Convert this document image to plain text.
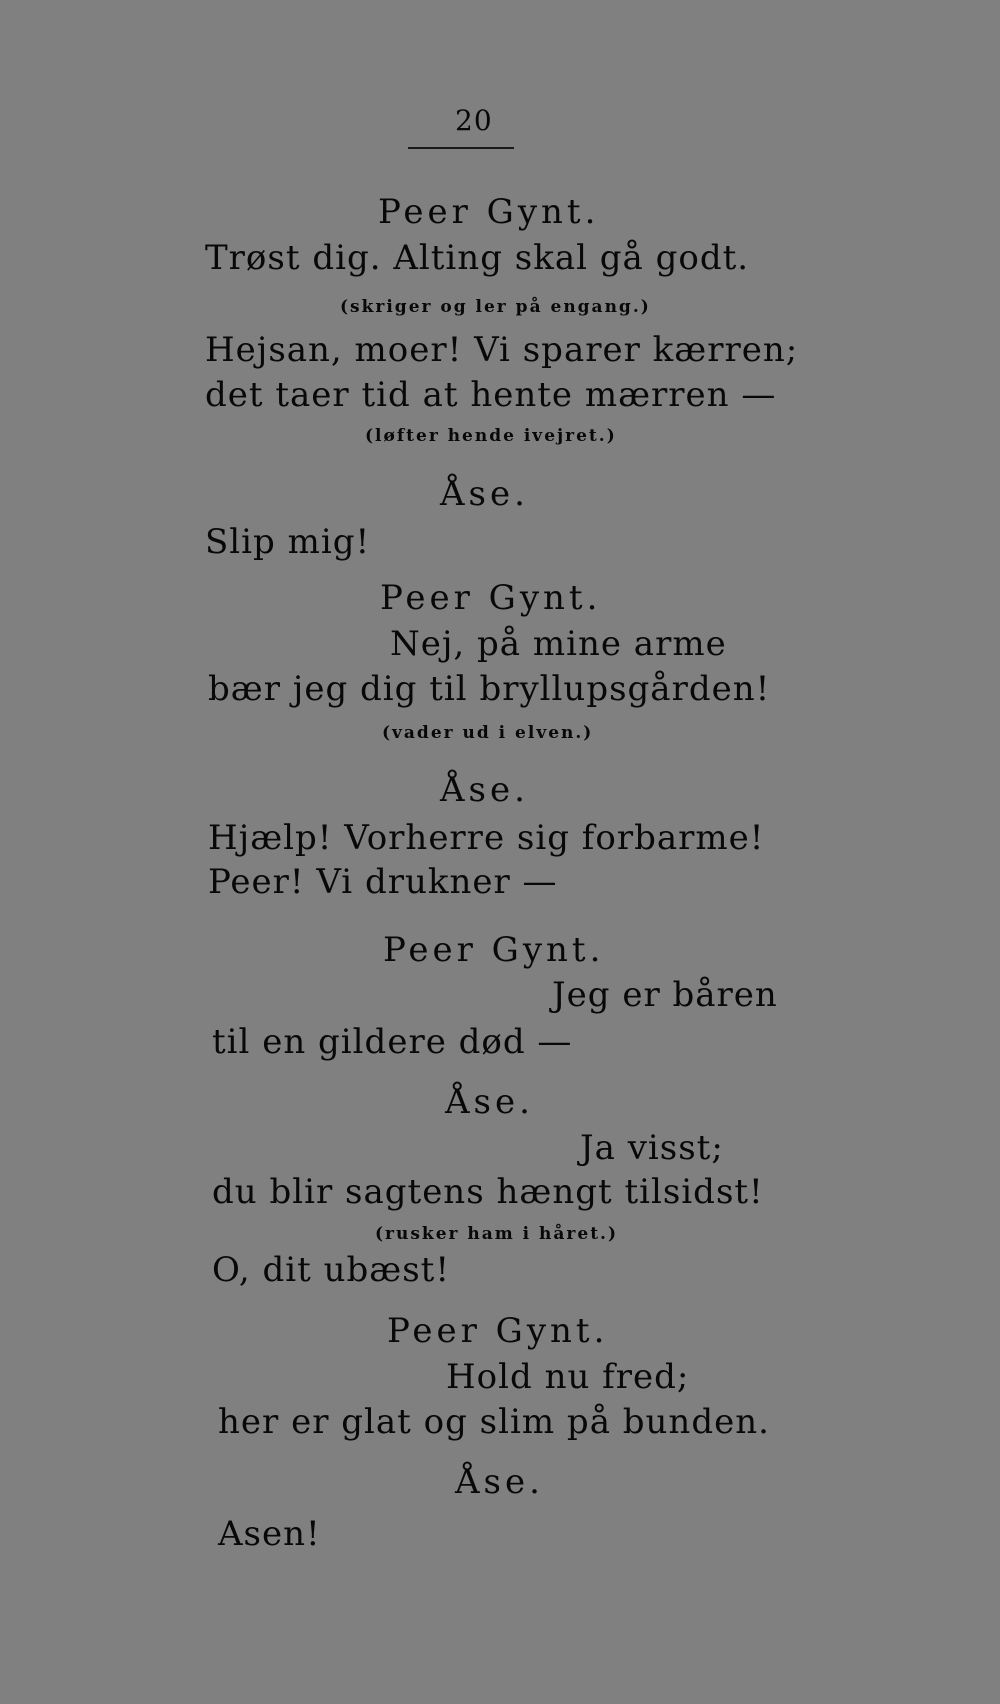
20
Peer Gynt.
Trøst dig. Alting skal gå godt.
(skriger og ler på engang.)
Hejsan, moer! Vi sparer kærren;
det taer tid at hente mærren —
(løfter hende ivejret.)
Åse.
Slip mig!
Peer Gynt.
Nej, på mine arme
bær jeg dig til bryllupsgården!
(vader ud i elven.)
Åse.
Hjælp! Vorherre sig forbarme!
Peer! Vi drukner —
Peer Gynt.
Jeg er båren
til en gildere død —
Åse.
Ja visst;
du blir sagtens hængt tilsidst!
(rusker ham i håret.)
O, dit ubæst!
Peer Gynt.
Hold nu fred;
her er glat og slim på bunden.
Åse.
Asen!
